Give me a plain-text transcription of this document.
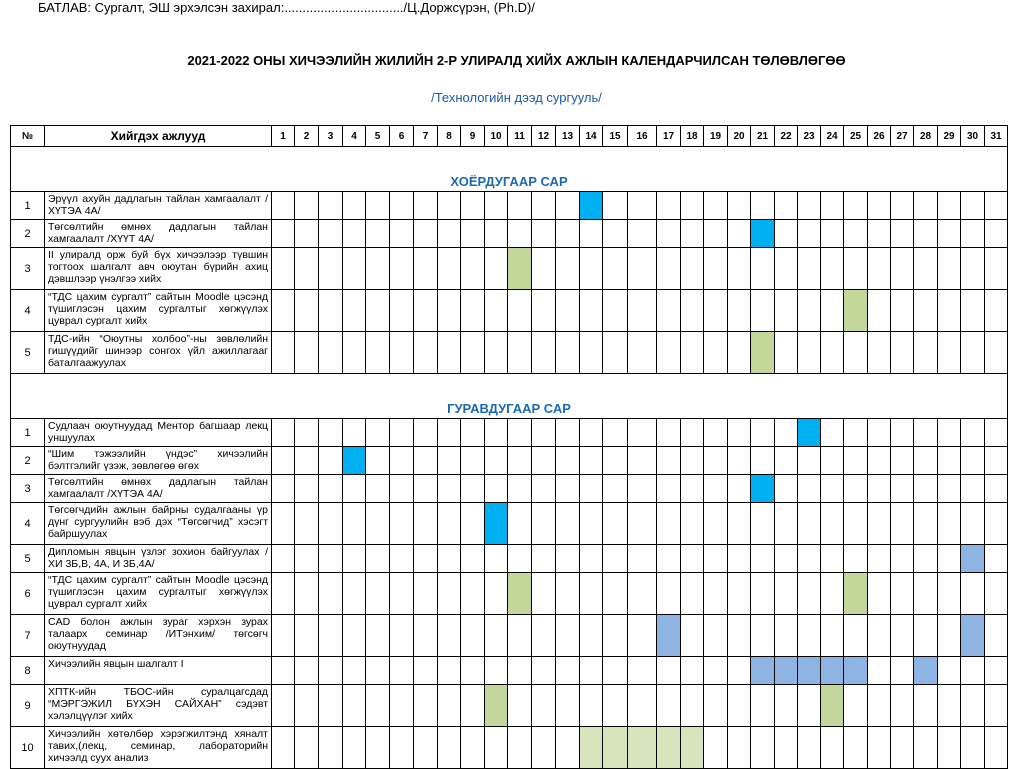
БАТЛАВ: Сургалт, ЭШ эрхэлсэн захирал:................................./Ц.Доржсүрэн, (Ph.D)/
2021-2022 ОНЫ ХИЧЭЭЛИЙН ЖИЛИЙН 2-Р УЛИРАЛД ХИЙХ АЖЛЫН КАЛЕНДАРЧИЛСАН ТӨЛӨВЛӨГӨӨ
/Технологийн дээд сургууль/
№	Хийгдэх ажлууд	1	2	3	4	5	6	7	8	9	10	11	12	13	14	15	16	17	18	19	20	21	22	23	24	25	26	27	28	29	30	31

ХОЁРДУГААР САР																																
1	Эрүүл ахуйн дадлагын тайлан хамгаалалт /ХҮТЭА 4А/																															
2	Төгсөлтийн өмнөх дадлагын тайлан хамгаалалт /ХҮҮТ 4А/																															
3	II улиралд орж буй бүх хичээлээр түвшин тогтоох шалгалт авч оюутан бүрийн ахиц дэвшлээр үнэлгээ хийх																															
4	“ТДС цахим сургалт” сайтын Moodle цэсэнд түшиглэсэн цахим сургалтыг хөгжүүлэх цуврал сургалт хийх																															
5	ТДС-ийн “Оюутны холбоо”-ны зөвлөлийн гишүүдийг шинээр сонгох үйл ажиллагааг баталгаажуулах																															

ГУРАВДУГААР САР																																
1	Судлаач оюутнуудад Ментор багшаар лекц уншуулах																															
2	“Шим тэжээлийн үндэс” хичээлийн бэлтгэлийг үзэж, зөвлөгөө өгөх																															
3	Төгсөлтийн өмнөх дадлагын тайлан хамгаалалт /ХҮТЭА 4А/																															
4	Төгсөгчдийн ажлын байрны судалгааны үр дүнг сургуулийн вэб дэх “Төгсөгчид” хэсэгт байршуулах																															
5	Дипломын явцын үзлэг зохион байгуулах /ХИ 3Б,В, 4А, И 3Б,4А/																															
6	“ТДС цахим сургалт” сайтын Moodle цэсэнд түшиглэсэн цахим сургалтыг хөгжүүлэх цуврал сургалт хийх																															
7	CAD болон ажлын зураг хэрхэн зурах талаарх семинар /ИТэнхим/ төгсөгч оюутнуудад																															
8	Хичээлийн явцын шалгалт I																															
9	ХПТК-ийн ТБОС-ийн суралцагсдад “МЭРГЭЖИЛ БҮХЭН САЙХАН” сэдэвт хэлэлцүүлэг хийх																															
10	Хичээлийн хөтөлбөр хэрэгжилтэнд хяналт тавих,(лекц, семинар, лабораторийн хичээлд суух анализ																															
